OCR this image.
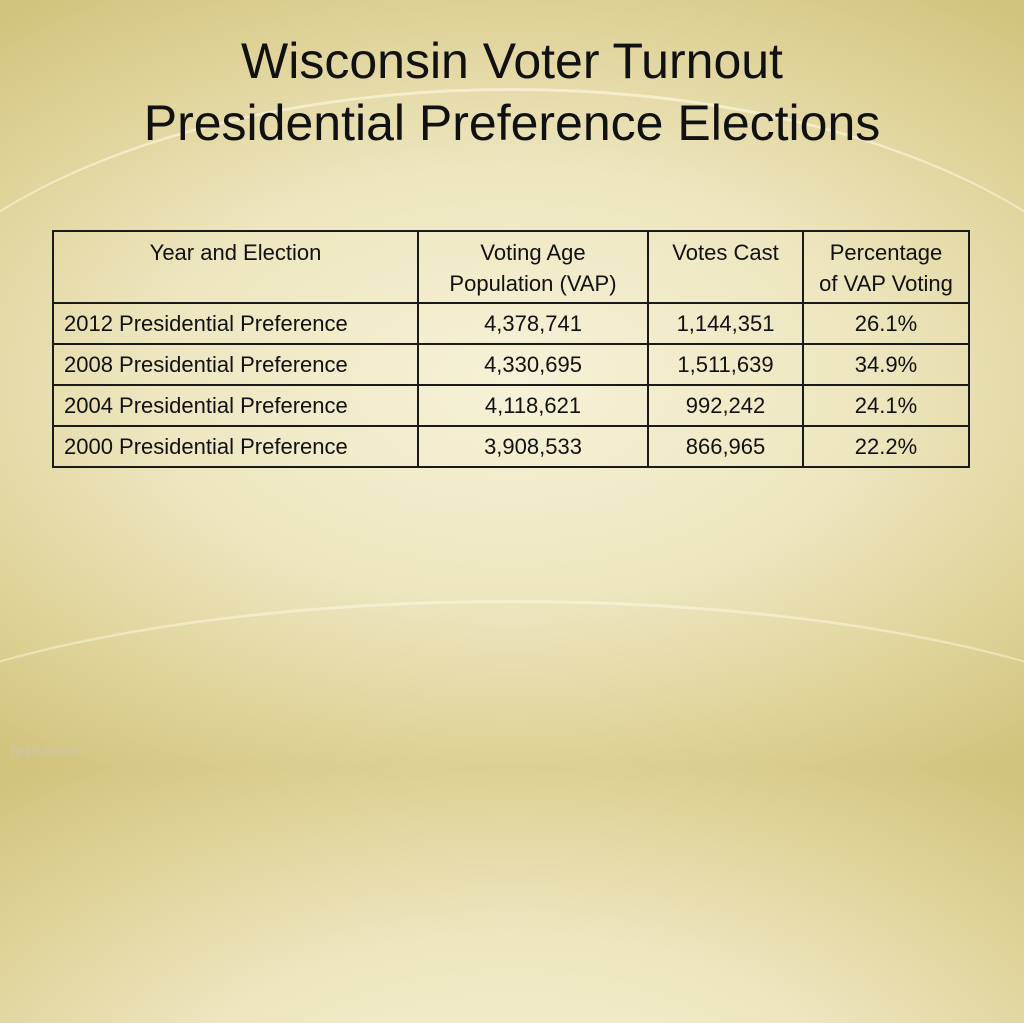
Wisconsin Voter Turnout
Presidential Preference Elections
Year and Election	Voting Age Population (VAP)	Votes Cast	Percentage of VAP Voting
2012 Presidential Preference	4,378,741	1,144,351	26.1%
2008 Presidential Preference	4,330,695	1,511,639	34.9%
2004 Presidential Preference	4,118,621	992,242	24.1%
2000 Presidential Preference	3,908,533	866,965	22.2%
fppt.com
